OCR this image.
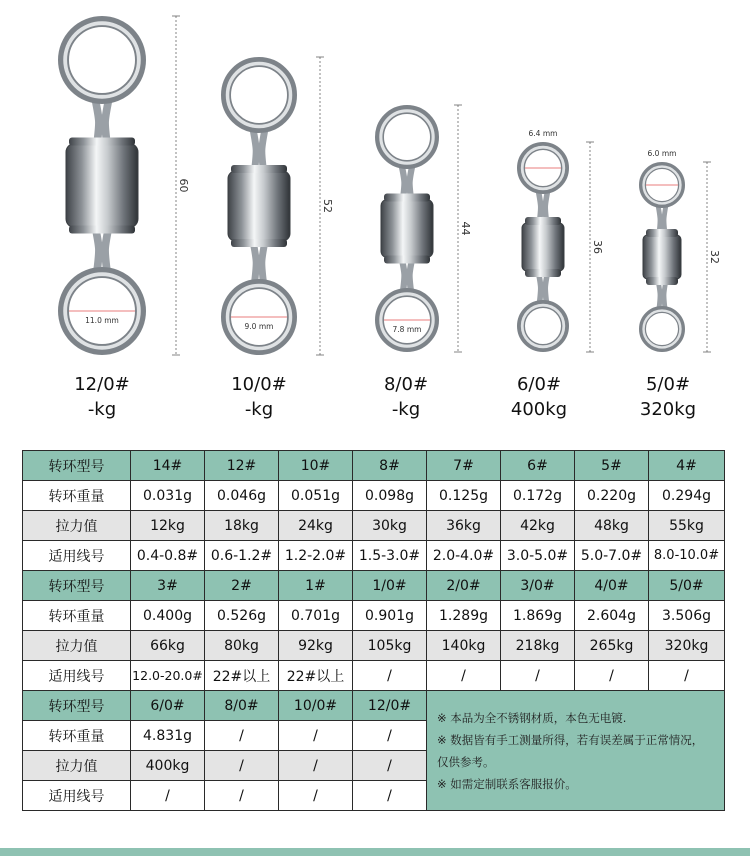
60
11.0 mm
52
9.0 mm
44
7.8 mm
36
6.4 mm
32
6.0 mm
12/0#
-kg
10/0#
-kg
8/0#
-kg
6/0#
400kg
5/0#
320kg
转环型号	14#	12#	10#	8#	7#	6#	5#	4#
转环重量	0.031g	0.046g	0.051g	0.098g	0.125g	0.172g	0.220g	0.294g
拉力值	12kg	18kg	24kg	30kg	36kg	42kg	48kg	55kg
适用线号	0.4-0.8#	0.6-1.2#	1.2-2.0#	1.5-3.0#	2.0-4.0#	3.0-5.0#	5.0-7.0#	8.0-10.0#
转环型号	3#	2#	1#	1/0#	2/0#	3/0#	4/0#	5/0#
转环重量	0.400g	0.526g	0.701g	0.901g	1.289g	1.869g	2.604g	3.506g
拉力值	66kg	80kg	92kg	105kg	140kg	218kg	265kg	320kg
适用线号	12.0-20.0#	22#以上	22#以上	/	/	/	/	/
转环型号	6/0#	8/0#	10/0#	12/0#	※ 本品为全不锈钢材质，本色无电镀.
※ 数据皆有手工测量所得，若有误差属于正常情况，仅供参考。
※ 如需定制联系客服报价。			

转环重量	4.831g	/	/	/				
拉力值	400kg	/	/	/				
适用线号	/	/	/	/				
